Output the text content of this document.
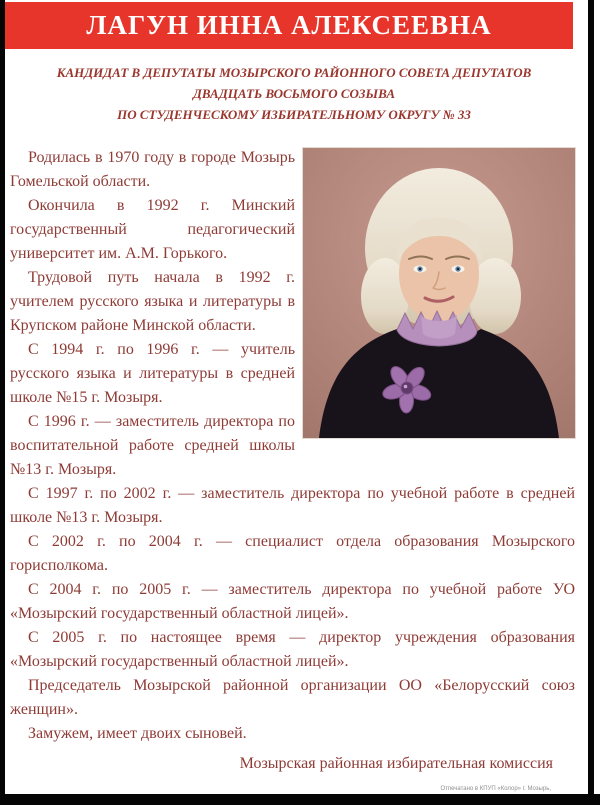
ЛАГУН ИННА АЛЕКСЕЕВНА
КАНДИДАТ В ДЕПУТАТЫ МОЗЫРСКОГО РАЙОННОГО СОВЕТА ДЕПУТАТОВ
ДВАДЦАТЬ ВОСЬМОГО СОЗЫВА
ПО СТУДЕНЧЕСКОМУ ИЗБИРАТЕЛЬНОМУ ОКРУГУ № 33

Родилась в 1970 году в городе Мозырь Гомельской области.

Окончила в 1992 г. Минский государственный педагогический университет им. А.М. Горького.

Трудовой путь начала в 1992 г. учителем русского языка и литературы в Крупском районе Минской области.

С 1994 г. по 1996 г. — учитель русского языка и литературы в средней школе №15 г. Мозыря.

С 1996 г. — заместитель директора по воспитательной работе средней школы №13 г. Мозыря.

С 1997 г. по 2002 г. — заместитель директора по учебной работе в средней школе №13 г. Мозыря.

С 2002 г. по 2004 г. — специалист отдела образования Мозырского горисполкома.

С 2004 г. по 2005 г. — заместитель директора по учебной работе УО «Мозырский государственный областной лицей».

С 2005 г. по настоящее время — директор учреждения образования «Мозырский государственный областной лицей».

Председатель Мозырской районной организации ОО «Белорусский союз женщин».

Замужем, имеет двоих сыновей.

Мозырская районная избирательная комиссия
Отпечатано в КПУП «Колор» г. Мозырь,
